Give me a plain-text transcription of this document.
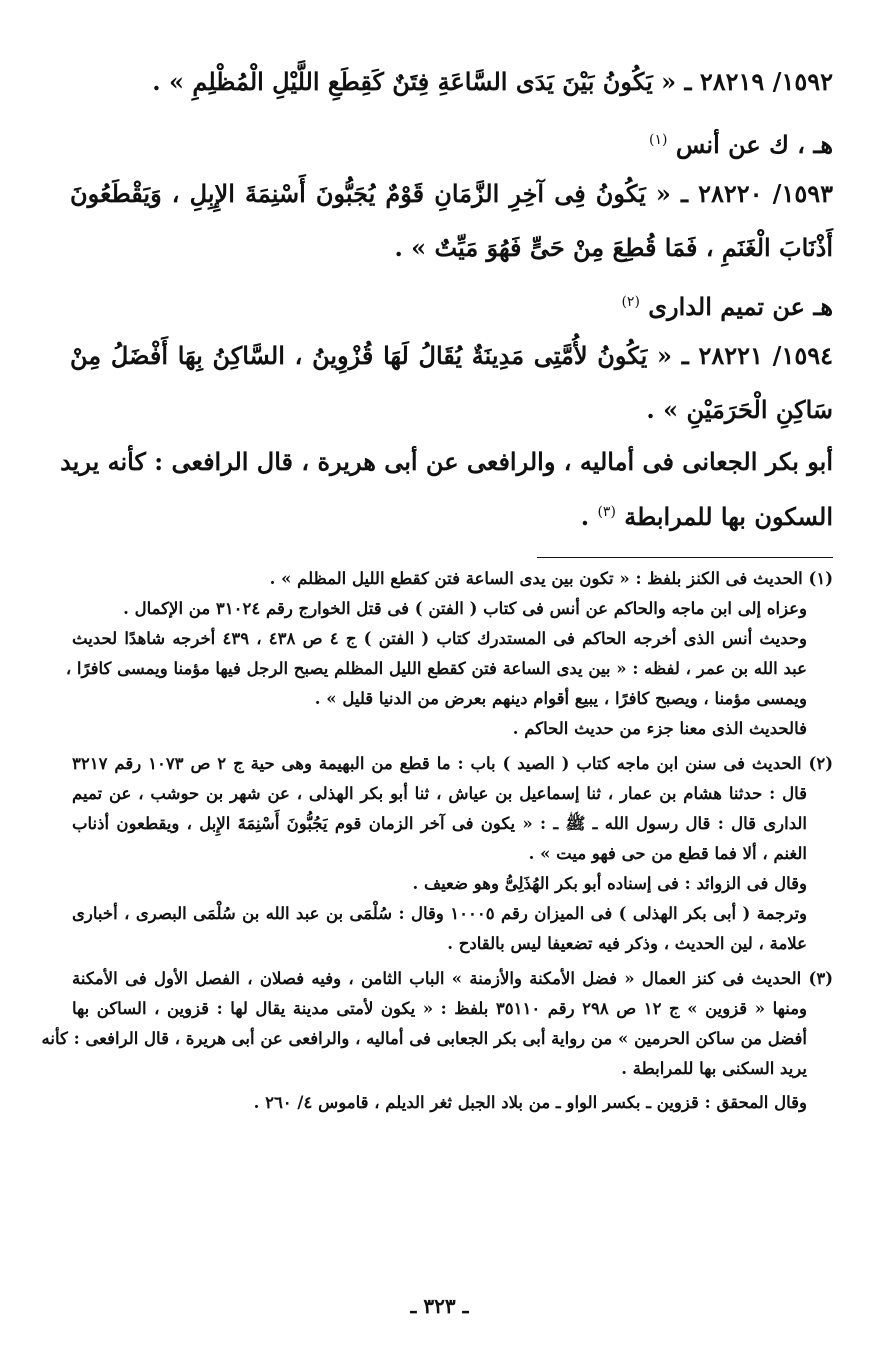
١٥٩٢/ ٢٨٢١٩ ـ « يَكُونُ بَيْنَ يَدَى السَّاعَةِ فِتَنٌ كَقِطَعِ اللَّيْلِ الْمُظْلِمِ » .
هـ ، ك عن أنس $^{(١)}$
١٥٩٣/ ٢٨٢٢٠ ـ « يَكُونُ فِى آخِرِ الزَّمَانِ قَوْمٌ يُجَبُّونَ أَسْنِمَةَ الإِبِلِ ، وَيَقْطَعُونَ
أَذْنَابَ الْغَنَمِ ، فَمَا قُطِعَ مِنْ حَىٍّ فَهُوَ مَيِّتٌ » .
هـ عن تميم الدارى $^{(٢)}$
١٥٩٤/ ٢٨٢٢١ ـ « يَكُونُ لأُمَّتِى مَدِينَةٌ يُقَالُ لَهَا قُزْوِينُ ، السَّاكِنُ بِهَا أَفْضَلُ مِنْ
سَاكِنِ الْحَرَمَيْنِ » .
أبو بكر الجعانى فى أماليه ، والرافعى عن أبى هريرة ، قال الرافعى : كأنه يريد
السكون بها للمرابطة $^{(٣)}$ .
(١) الحديث فى الكنز بلفظ : « تكون بين يدى الساعة فتن كقطع الليل المظلم » .
وعزاه إلى ابن ماجه والحاكم عن أنس فى كتاب ( الفتن ) فى قتل الخوارج رقم ٣١٠٢٤ من الإكمال .
وحديث أنس الذى أخرجه الحاكم فى المستدرك كتاب ( الفتن ) ج ٤ ص ٤٣٨ ، ٤٣٩ أخرجه شاهدًا لحديث
عبد الله بن عمر ، لفظه : « بين يدى الساعة فتن كقطع الليل المظلم يصبح الرجل فيها مؤمنا ويمسى كافرًا ،
ويمسى مؤمنا ، ويصبح كافرًا ، يبيع أقوام دينهم بعرض من الدنيا قليل » .
فالحديث الذى معنا جزء من حديث الحاكم .
(٢) الحديث فى سنن ابن ماجه كتاب ( الصيد ) باب : ما قطع من البهيمة وهى حية ج ٢ ص ١٠٧٣ رقم ٣٢١٧
قال : حدثنا هشام بن عمار ، ثنا إسماعيل بن عياش ، ثنا أبو بكر الهذلى ، عن شهر بن حوشب ، عن تميم
الدارى قال : قال رسول الله ـ ﷺ ـ : « يكون فى آخر الزمان قوم يَجُبُّونَ أَسْنِمَةَ الإِبل ، ويقطعون أذناب
الغنم ، ألا فما قطع من حى فهو ميت » .
وقال فى الزوائد : فى إسناده أبو بكر الهُذَلِىُّ وهو ضعيف .
وترجمة ( أبى بكر الهذلى ) فى الميزان رقم ١٠٠٠٥ وقال : سُلْمَى بن عبد الله بن سُلْمَى البصرى ، أخبارى
علامة ، لين الحديث ، وذكر فيه تضعيفا ليس بالقادح .
(٣) الحديث فى كنز العمال « فضل الأمكنة والأزمنة » الباب الثامن ، وفيه فصلان ، الفصل الأول فى الأمكنة
ومنها « قزوين » ج ١٢ ص ٢٩٨ رقم ٣٥١١٠ بلفظ : « يكون لأمتى مدينة يقال لها : قزوين ، الساكن بها
أفضل من ساكن الحرمين » من رواية أبى بكر الجعابى فى أماليه ، والرافعى عن أبى هريرة ، قال الرافعى : كأنه
يريد السكنى بها للمرابطة .
وقال المحقق : قزوين ـ بكسر الواو ـ من بلاد الجبل ثغر الديلم ، قاموس ٤/ ٢٦٠ .
ـ ٣٢٣ ـ
